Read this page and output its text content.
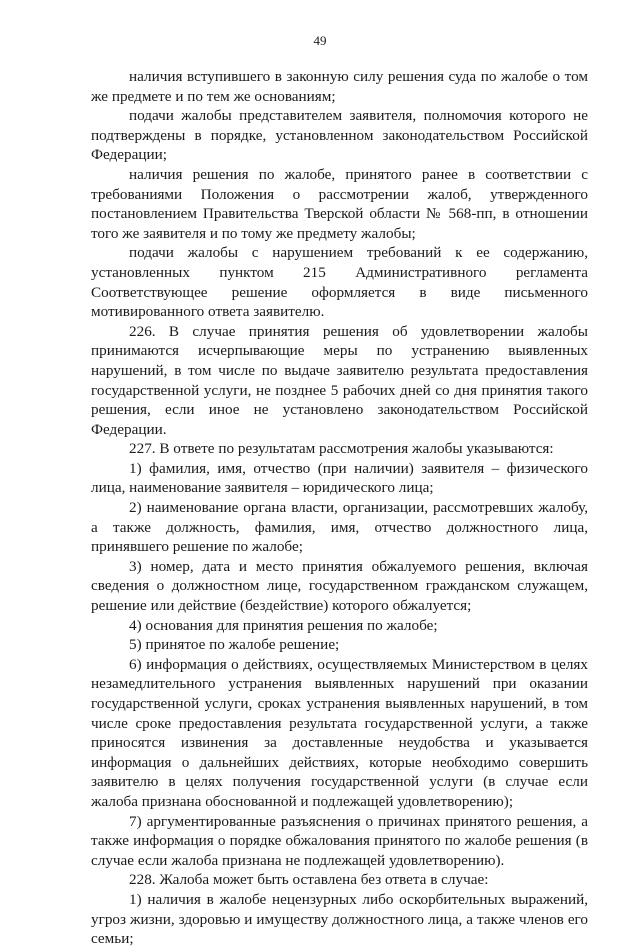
49

наличия вступившего в законную силу решения суда по жалобе о том же предмете и по тем же основаниям;

подачи жалобы представителем заявителя, полномочия которого не подтверждены в порядке, установленном законодательством Российской Федерации;

наличия решения по жалобе, принятого ранее в соответствии с требованиями Положения о рассмотрении жалоб, утвержденного постановлением Правительства Тверской области № 568-пп, в отношении того же заявителя и по тому же предмету жалобы;

подачи жалобы с нарушением требований к ее содержанию, установленных пунктом 215 Административного регламента Соответствующее решение оформляется в виде письменного мотивированного ответа заявителю.

226. В случае принятия решения об удовлетворении жалобы принимаются исчерпывающие меры по устранению выявленных нарушений, в том числе по выдаче заявителю результата предоставления государственной услуги, не позднее 5 рабочих дней со дня принятия такого решения, если иное не установлено законодательством Российской Федерации.

227. В ответе по результатам рассмотрения жалобы указываются:

1) фамилия, имя, отчество (при наличии) заявителя – физического лица, наименование заявителя – юридического лица;

2) наименование органа власти, организации, рассмотревших жалобу, а также должность, фамилия, имя, отчество должностного лица, принявшего решение по жалобе;

3) номер, дата и место принятия обжалуемого решения, включая сведения о должностном лице, государственном гражданском служащем, решение или действие (бездействие) которого обжалуется;

4) основания для принятия решения по жалобе;

5) принятое по жалобе решение;

6) информация о действиях, осуществляемых Министерством в целях незамедлительного устранения выявленных нарушений при оказании государственной услуги, сроках устранения выявленных нарушений, в том числе сроке предоставления результата государственной услуги, а также приносятся извинения за доставленные неудобства и указывается информация о дальнейших действиях, которые необходимо совершить заявителю в целях получения государственной услуги (в случае если жалоба признана обоснованной и подлежащей удовлетворению);

7) аргументированные разъяснения о причинах принятого решения, а также информация о порядке обжалования принятого по жалобе решения (в случае если жалоба признана не подлежащей удовлетворению).

228. Жалоба может быть оставлена без ответа в случае:

1) наличия в жалобе нецензурных либо оскорбительных выражений, угроз жизни, здоровью и имуществу должностного лица, а также членов его семьи;
